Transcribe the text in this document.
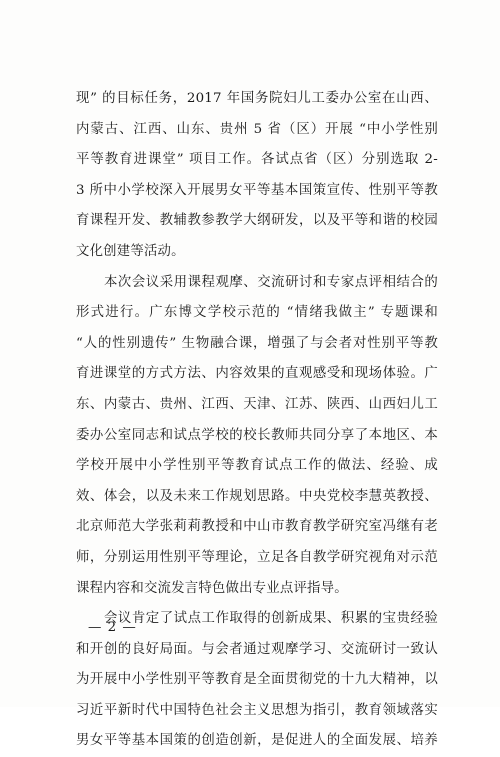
现” 的目标任务，2017 年国务院妇儿工委办公室在山西、
内蒙古、江西、山东、贵州 5 省（区）开展 “中小学性别
平等教育进课堂” 项目工作。各试点省（区）分别选取 2-
3 所中小学校深入开展男女平等基本国策宣传、性别平等教
育课程开发、教辅教参教学大纲研发，以及平等和谐的校园
文化创建等活动。
本次会议采用课程观摩、交流研讨和专家点评相结合的
形式进行。广东博文学校示范的 “情绪我做主” 专题课和
“人的性别遗传” 生物融合课，增强了与会者对性别平等教
育进课堂的方式方法、内容效果的直观感受和现场体验。广
东、内蒙古、贵州、江西、天津、江苏、陕西、山西妇儿工
委办公室同志和试点学校的校长教师共同分享了本地区、本
学校开展中小学性别平等教育试点工作的做法、经验、成
效、体会，以及未来工作规划思路。中央党校李慧英教授、
北京师范大学张莉莉教授和中山市教育教学研究室冯继有老
师，分别运用性别平等理论，立足各自教学研究视角对示范
课程内容和交流发言特色做出专业点评指导。
会议肯定了试点工作取得的创新成果、积累的宝贵经验
和开创的良好局面。与会者通过观摩学习、交流研讨一致认
为开展中小学性别平等教育是全面贯彻党的十九大精神，以
习近平新时代中国特色社会主义思想为指引，教育领域落实
男女平等基本国策的创造创新，是促进人的全面发展、培养
— 2 —
